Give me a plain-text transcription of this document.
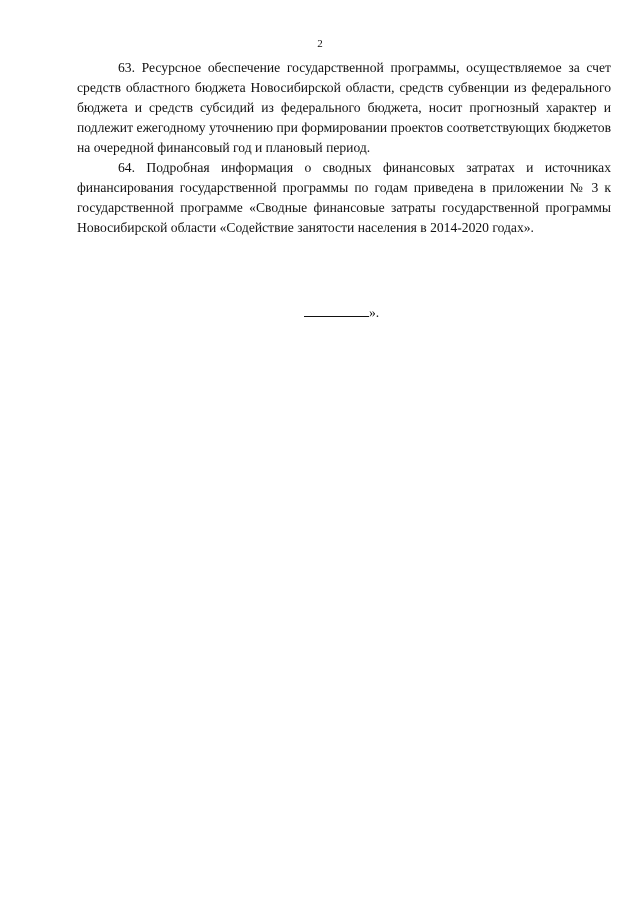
2

63. Ресурсное обеспечение государственной программы, осуществляемое за счет средств областного бюджета Новосибирской области, средств субвенции из федерального бюджета и средств субсидий из федерального бюджета, носит прогнозный характер и подлежит ежегодному уточнению при формировании проектов соответствующих бюджетов на очередной финансовый год и плановый период.

64. Подробная информация о сводных финансовых затратах и источниках финансирования государственной программы по годам приведена в приложении № 3 к государственной программе «Сводные финансовые затраты государственной программы Новосибирской области «Содействие занятости населения в 2014-2020 годах».

».
